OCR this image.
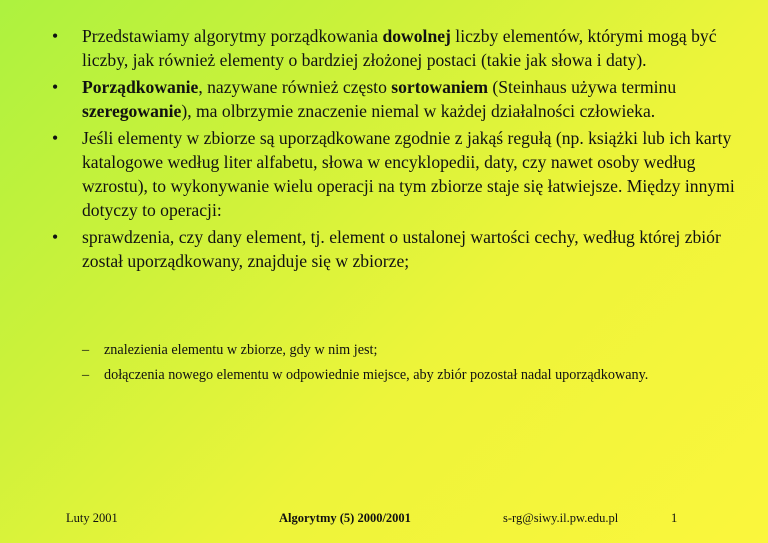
• Przedstawiamy algorytmy porządkowania dowolnej liczby elementów, którymi mogą być liczby, jak również elementy o bardziej złożonej postaci (takie jak słowa i daty).
• Porządkowanie, nazywane również często sortowaniem (Steinhaus używa terminu szeregowanie), ma olbrzymie znaczenie niemal w każdej działalności człowieka.
• Jeśli elementy w zbiorze są uporządkowane zgodnie z jakąś regułą (np. książki lub ich karty katalogowe według liter alfabetu, słowa w encyklopedii, daty, czy nawet osoby według wzrostu), to wykonywanie wielu operacji na tym zbiorze staje się łatwiejsze. Między innymi dotyczy to operacji:
• sprawdzenia, czy dany element, tj. element o ustalonej wartości cechy, według której zbiór został uporządkowany, znajduje się w zbiorze;
– znalezienia elementu w zbiorze, gdy w nim jest;
– dołączenia nowego elementu w odpowiednie miejsce, aby zbiór pozostał nadal uporządkowany.
Luty 2001	Algorytmy (5) 2000/2001	s-rg@siwy.il.pw.edu.pl	1
